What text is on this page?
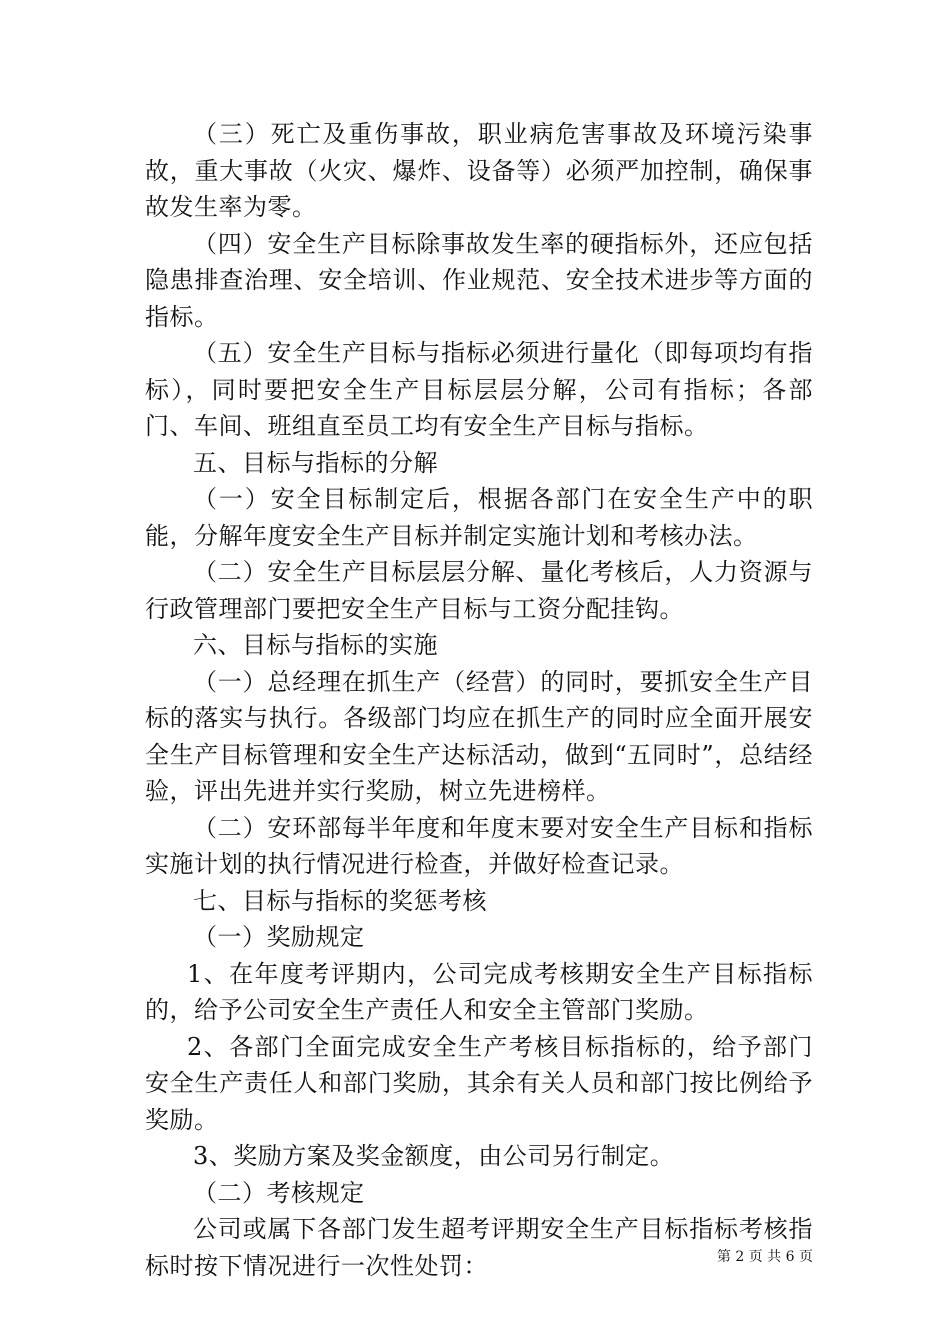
（三）死亡及重伤事故，职业病危害事故及环境污染事故，重大事故（火灾、爆炸、设备等）必须严加控制，确保事故发生率为零。

（四）安全生产目标除事故发生率的硬指标外，还应包括隐患排查治理、安全培训、作业规范、安全技术进步等方面的指标。

（五）安全生产目标与指标必须进行量化（即每项均有指标），同时要把安全生产目标层层分解，公司有指标；各部门、车间、班组直至员工均有安全生产目标与指标。

五、目标与指标的分解

（一）安全目标制定后，根据各部门在安全生产中的职能，分解年度安全生产目标并制定实施计划和考核办法。

（二）安全生产目标层层分解、量化考核后，人力资源与行政管理部门要把安全生产目标与工资分配挂钩。

六、目标与指标的实施

（一）总经理在抓生产（经营）的同时，要抓安全生产目标的落实与执行。各级部门均应在抓生产的同时应全面开展安全生产目标管理和安全生产达标活动，做到“五同时”，总结经验，评出先进并实行奖励，树立先进榜样。

（二）安环部每半年度和年度末要对安全生产目标和指标实施计划的执行情况进行检查，并做好检查记录。

七、目标与指标的奖惩考核

（一）奖励规定

1、在年度考评期内，公司完成考核期安全生产目标指标的，给予公司安全生产责任人和安全主管部门奖励。

2、各部门全面完成安全生产考核目标指标的，给予部门安全生产责任人和部门奖励，其余有关人员和部门按比例给予奖励。

3、奖励方案及奖金额度，由公司另行制定。

（二）考核规定

公司或属下各部门发生超考评期安全生产目标指标考核指标时按下情况进行一次性处罚：	第 2 页 共 6 页
